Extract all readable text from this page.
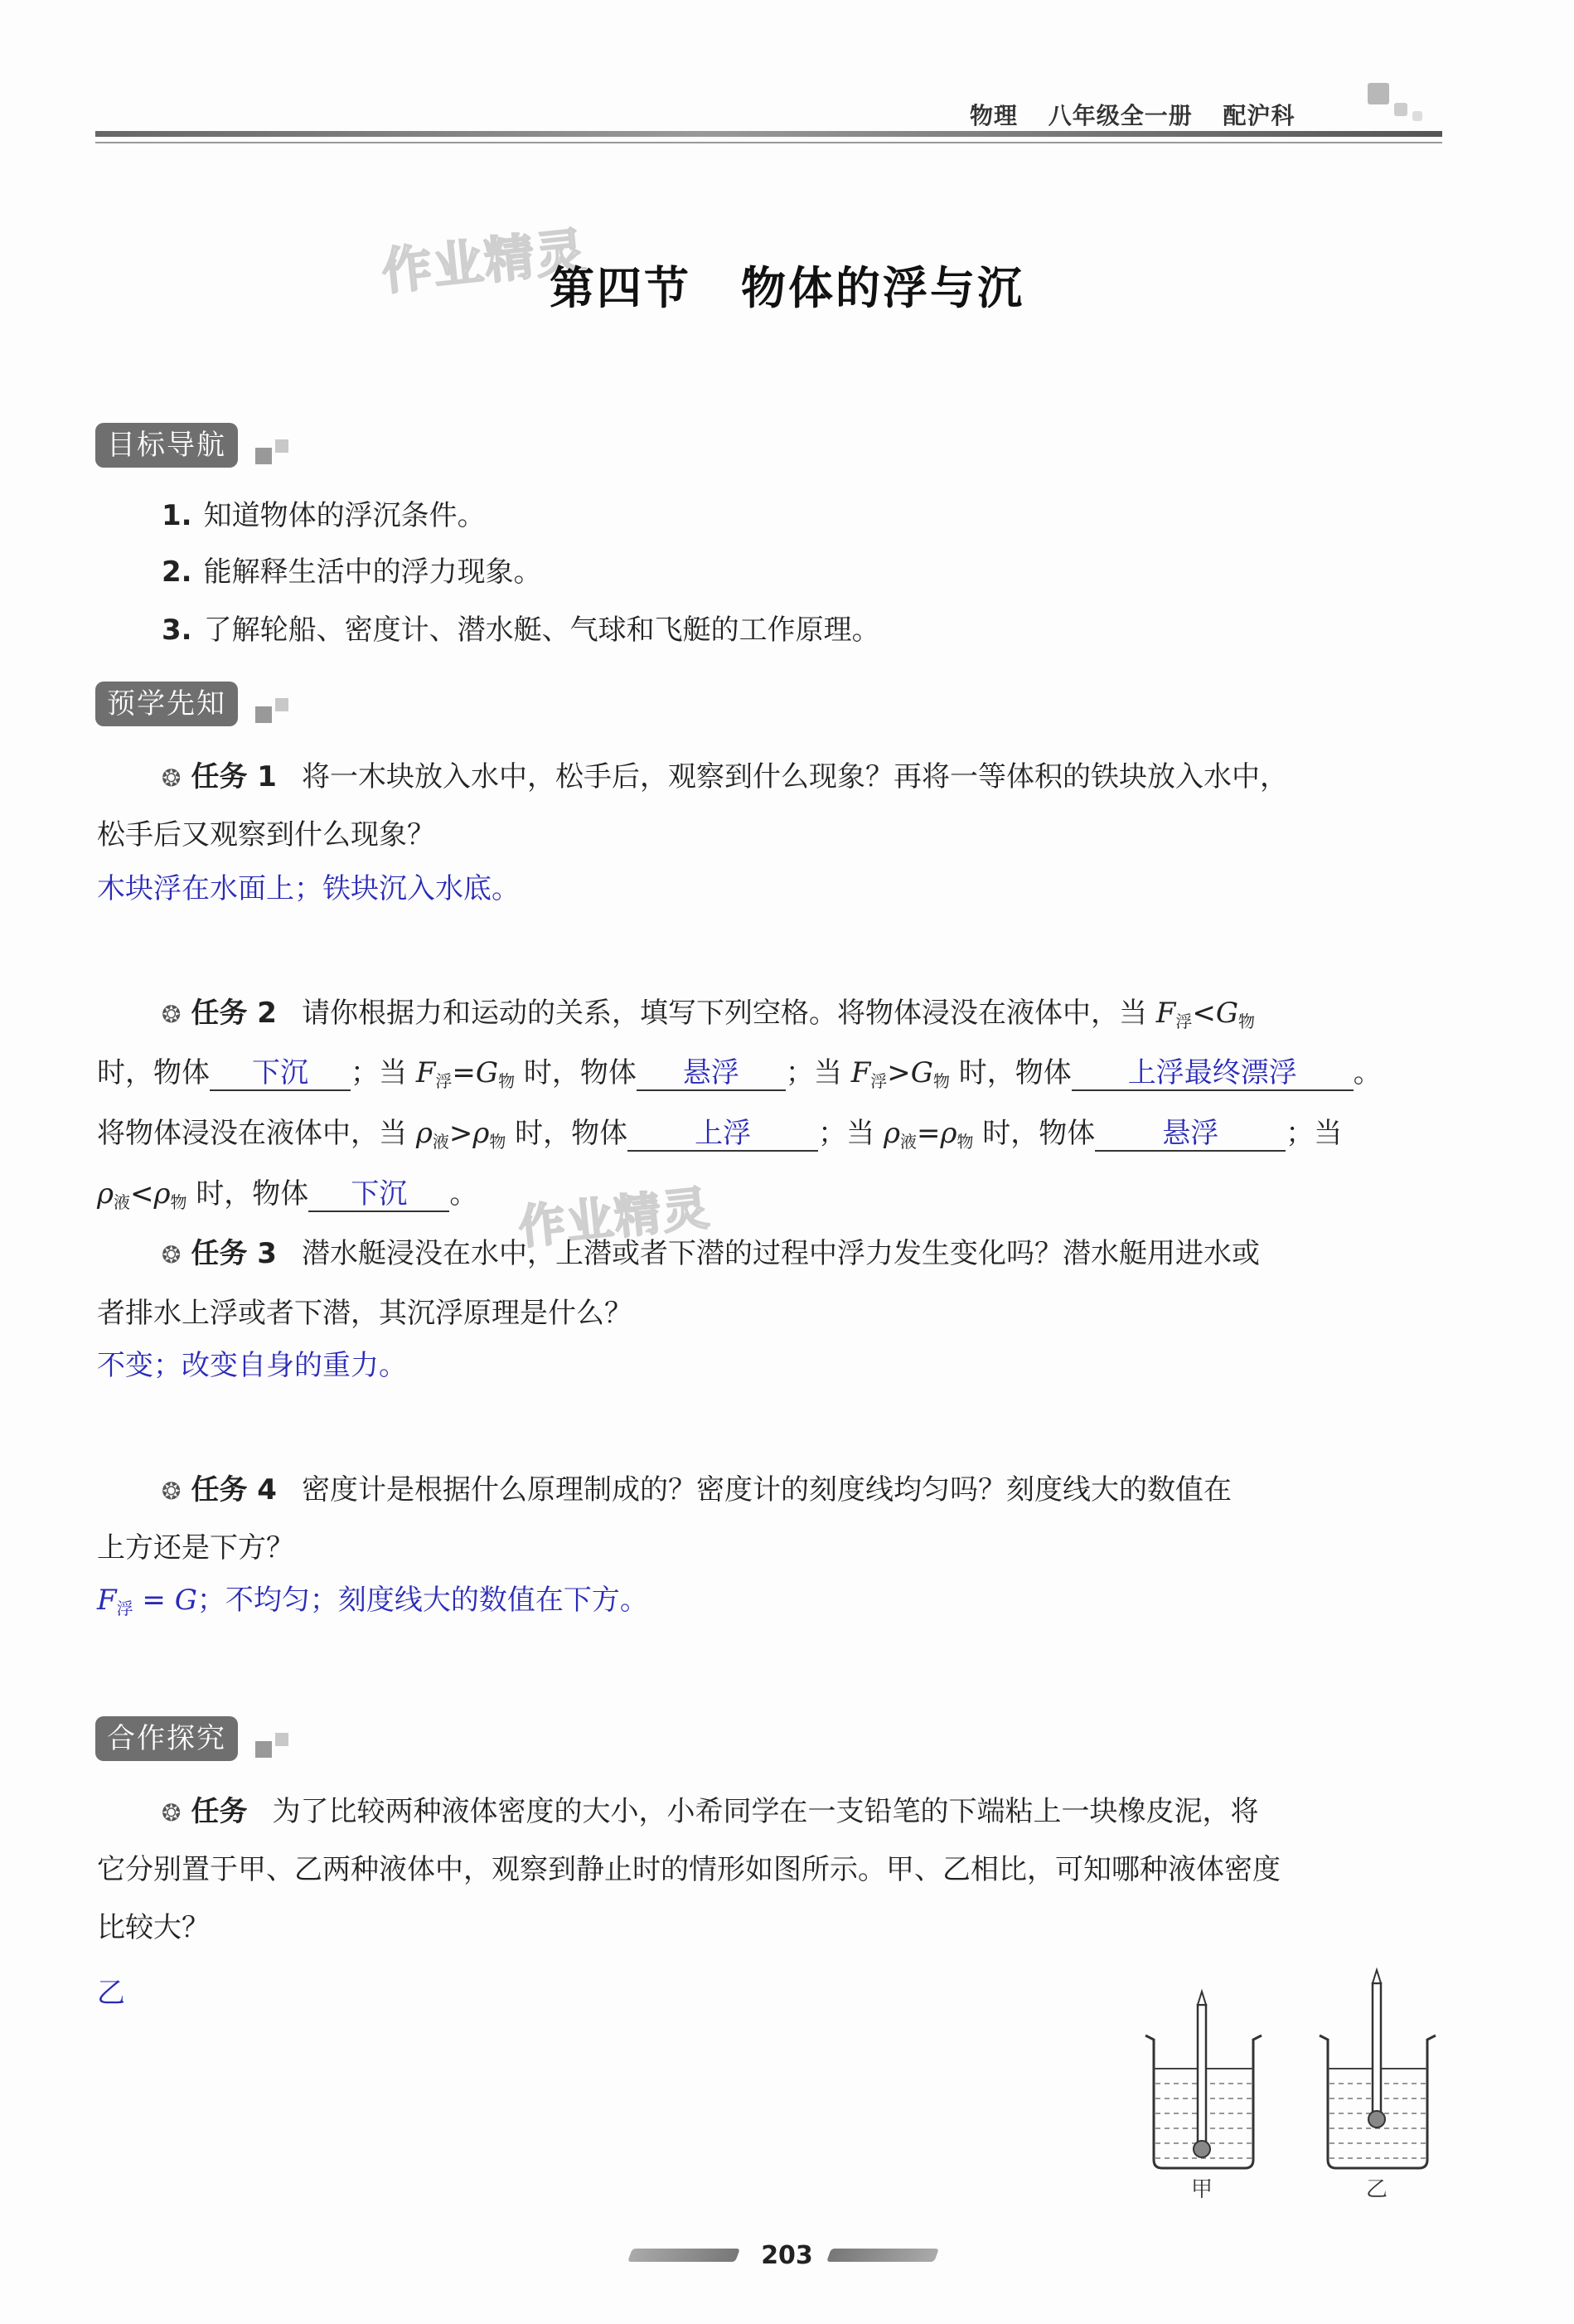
物理 八年级全一册 配沪科
作业精灵
作业精灵
第四节 物体的浮与沉
目标导航
1. 知道物体的浮沉条件。
2. 能解释生活中的浮力现象。
3. 了解轮船、密度计、潜水艇、气球和飞艇的工作原理。
预学先知
❂ 任务 1 将一木块放入水中，松手后，观察到什么现象？再将一等体积的铁块放入水中，
松手后又观察到什么现象？
木块浮在水面上；铁块沉入水底。
❂ 任务 2 请你根据力和运动的关系，填写下列空格。将物体浸没在液体中，当 $F_浮<G_物$
时，物体 下沉 ；当 $F_浮=G_物$ 时，物体 悬浮 ；当 $F_浮>G_物$ 时，物体 上浮最终漂浮 。
将物体浸没在液体中，当 $\rho_液>\rho_物$ 时，物体 上浮 ；当 $\rho_液=\rho_物$ 时，物体 悬浮 ；当
$\rho_液<\rho_物$ 时，物体 下沉 。
❂ 任务 3 潜水艇浸没在水中，上潜或者下潜的过程中浮力发生变化吗？潜水艇用进水或
者排水上浮或者下潜，其沉浮原理是什么？
不变；改变自身的重力。
❂ 任务 4 密度计是根据什么原理制成的？密度计的刻度线均匀吗？刻度线大的数值在
上方还是下方？
$F_浮 = G$；不均匀；刻度线大的数值在下方。
合作探究
❂ 任务 为了比较两种液体密度的大小，小希同学在一支铅笔的下端粘上一块橡皮泥，将
它分别置于甲、乙两种液体中，观察到静止时的情形如图所示。甲、乙相比，可知哪种液体密度
比较大？
乙
甲	乙
203
